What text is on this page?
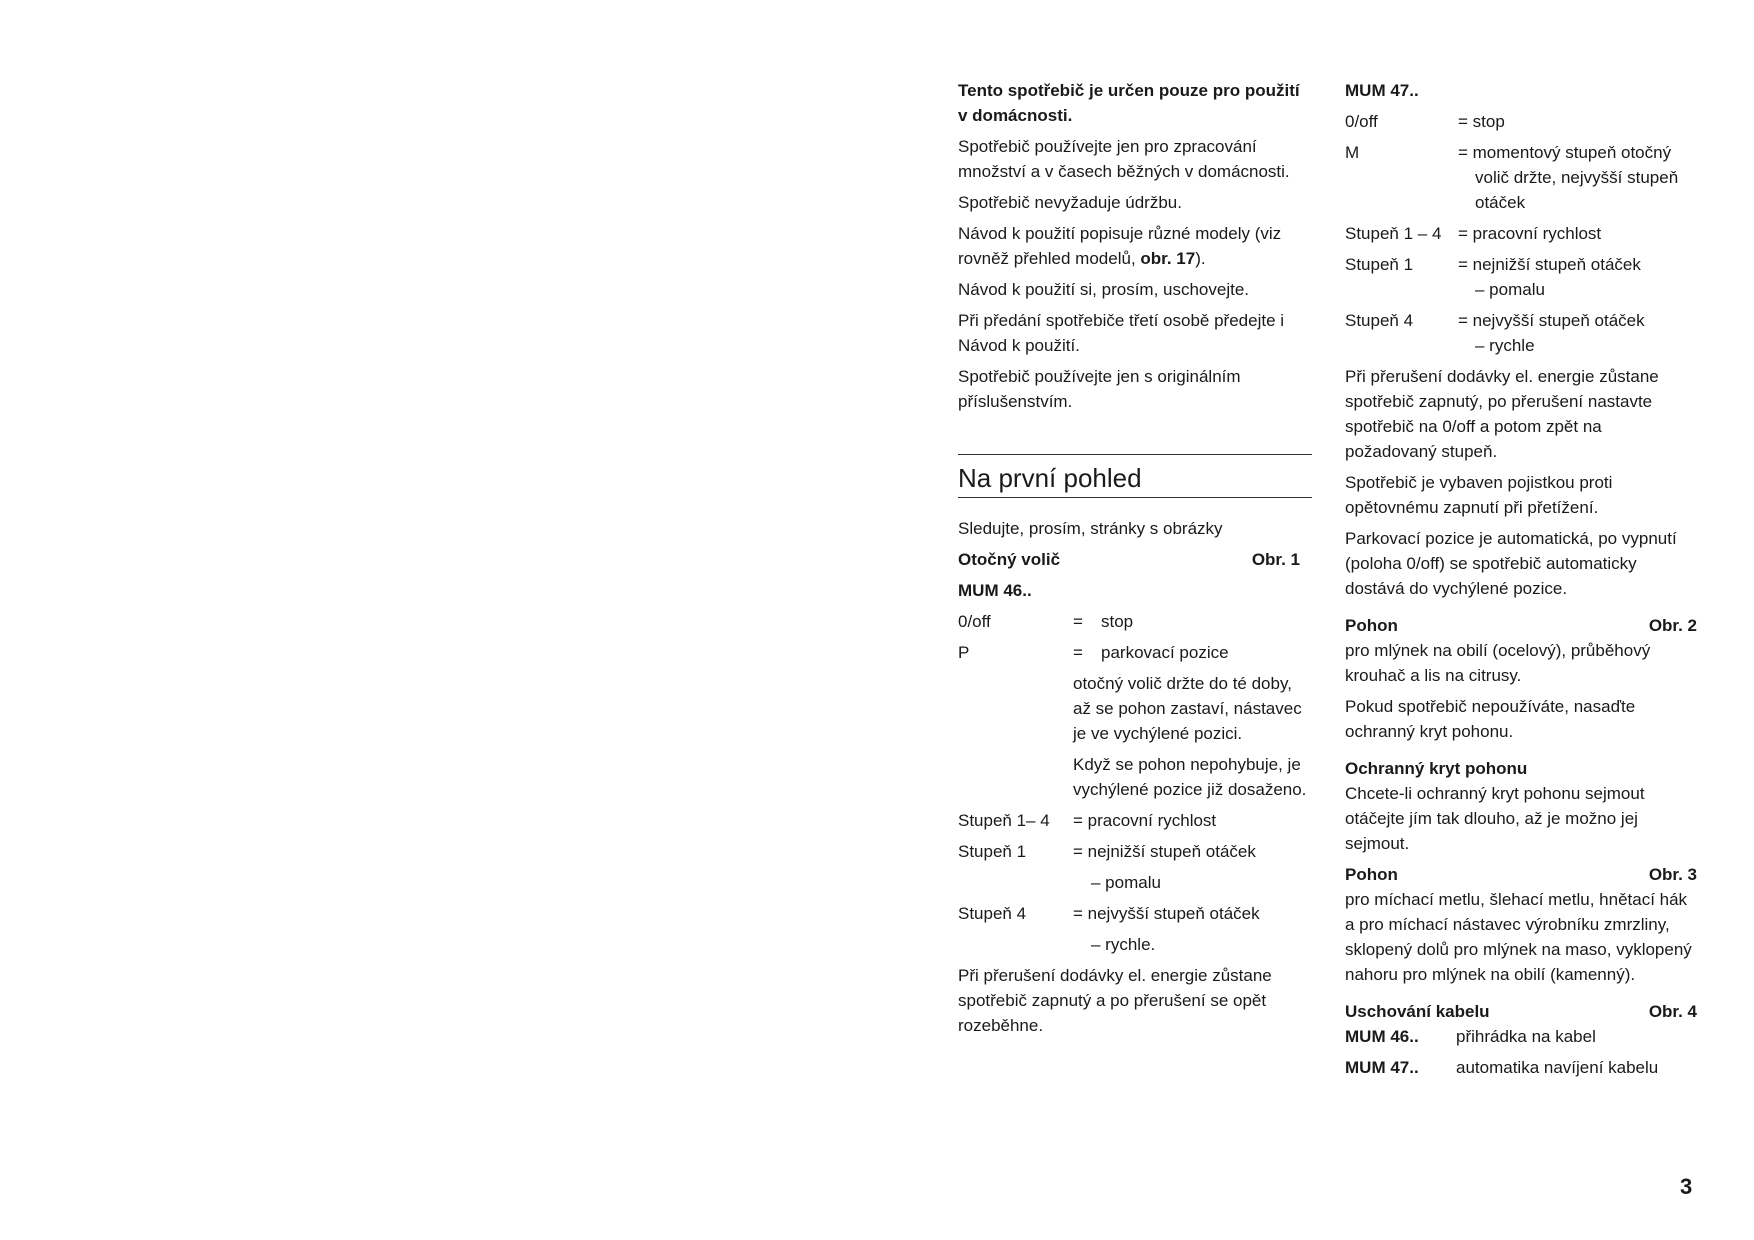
Tento spotřebič je určen pouze pro použití v domácnosti.

Spotřebič používejte jen pro zpracování množství a v časech běžných v domácnosti.

Spotřebič nevyžaduje údržbu.

Návod k použití popisuje různé modely (viz rovněž přehled modelů, obr. 17).

Návod k použití si, prosím, uschovejte.

Při předání spotřebiče třetí osobě předejte i Návod k použití.

Spotřebič používejte jen s originálním příslušenstvím.

Na první pohled

Sledujte, prosím, stránky s obrázky

Otočný volič	Obr. 1

MUM 46..

0/off	=	stop
P	=	parkovací pozice

otočný volič držte do té doby, až se pohon zastaví, nástavec je ve vychýlené pozici.

Když se pohon nepohybuje, je vychýlené pozice již dosaženo.

Stupeň 1– 4	= pracovní rychlost
Stupeň 1	= nejnižší stupeň otáček

– pomalu

Stupeň 4	= nejvyšší stupeň otáček

– rychle.

Při přerušení dodávky el. energie zůstane spotřebič zapnutý a po přerušení se opět rozeběhne.

MUM 47..

0/off	= stop
M	= momentový stupeň otočný

volič držte, nejvyšší stupeň otáček

Stupeň 1 – 4 = pracovní rychlost
Stupeň 1	= nejnižší stupeň otáček

– pomalu

Stupeň 4	= nejvyšší stupeň otáček

– rychle

Při přerušení dodávky el. energie zůstane spotřebič zapnutý, po přerušení nastavte spotřebič na 0/off a potom zpět na požadovaný stupeň.

Spotřebič je vybaven pojistkou proti opětovnému zapnutí při přetížení.

Parkovací pozice je automatická, po vypnutí (poloha 0/off) se spotřebič automaticky dostává do vychýlené pozice.

Pohon	Obr. 2

pro mlýnek na obilí (ocelový), průběhový krouhač a lis na citrusy.

Pokud spotřebič nepoužíváte, nasaďte ochranný kryt pohonu.

Ochranný kryt pohonu

Chcete-li ochranný kryt pohonu sejmout otáčejte jím tak dlouho, až je možno jej sejmout.

Pohon	Obr. 3

pro míchací metlu, šlehací metlu, hnětací hák a pro míchací nástavec výrobníku zmrzliny, sklopený dolů pro mlýnek na maso, vyklopený nahoru pro mlýnek na obilí (kamenný).

Uschování kabelu	Obr. 4
MUM 46..	přihrádka na kabel
MUM 47..	automatika navíjení kabelu
3
